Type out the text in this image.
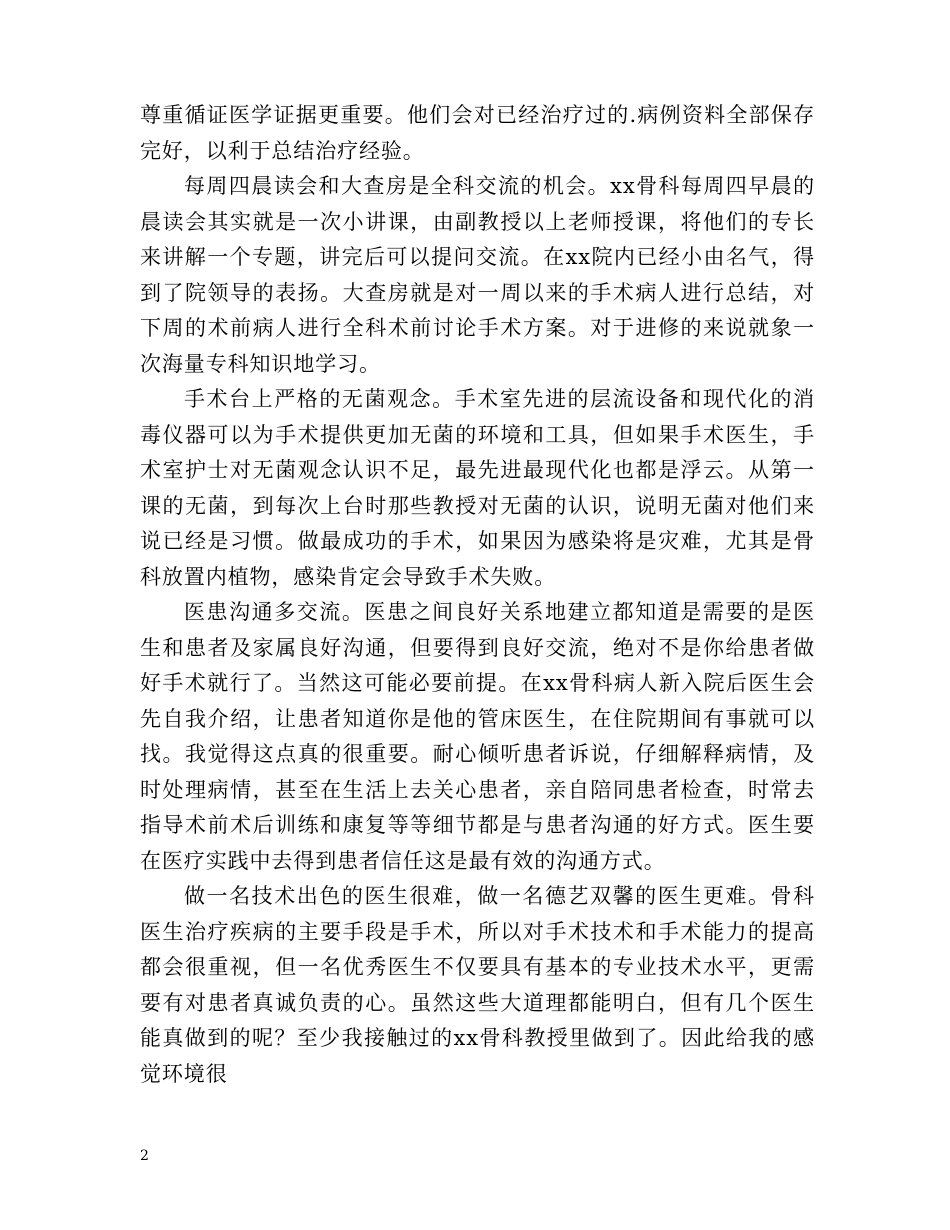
尊重循证医学证据更重要。他们会对已经治疗过的.病例资料全部保存完好，以利于总结治疗经验。

每周四晨读会和大查房是全科交流的机会。xx骨科每周四早晨的晨读会其实就是一次小讲课，由副教授以上老师授课，将他们的专长来讲解一个专题，讲完后可以提问交流。在xx院内已经小由名气，得到了院领导的表扬。大查房就是对一周以来的手术病人进行总结，对下周的术前病人进行全科术前讨论手术方案。对于进修的来说就象一次海量专科知识地学习。

手术台上严格的无菌观念。手术室先进的层流设备和现代化的消毒仪器可以为手术提供更加无菌的环境和工具，但如果手术医生，手术室护士对无菌观念认识不足，最先进最现代化也都是浮云。从第一课的无菌，到每次上台时那些教授对无菌的认识，说明无菌对他们来说已经是习惯。做最成功的手术，如果因为感染将是灾难，尤其是骨科放置内植物，感染肯定会导致手术失败。

医患沟通多交流。医患之间良好关系地建立都知道是需要的是医生和患者及家属良好沟通，但要得到良好交流，绝对不是你给患者做好手术就行了。当然这可能必要前提。在xx骨科病人新入院后医生会先自我介绍，让患者知道你是他的管床医生，在住院期间有事就可以找。我觉得这点真的很重要。耐心倾听患者诉说，仔细解释病情，及时处理病情，甚至在生活上去关心患者，亲自陪同患者检查，时常去指导术前术后训练和康复等等细节都是与患者沟通的好方式。医生要在医疗实践中去得到患者信任这是最有效的沟通方式。

做一名技术出色的医生很难，做一名德艺双馨的医生更难。骨科医生治疗疾病的主要手段是手术，所以对手术技术和手术能力的提高都会很重视，但一名优秀医生不仅要具有基本的专业技术水平，更需要有对患者真诚负责的心。虽然这些大道理都能明白，但有几个医生能真做到的呢？至少我接触过的xx骨科教授里做到了。因此给我的感觉环境很

2
